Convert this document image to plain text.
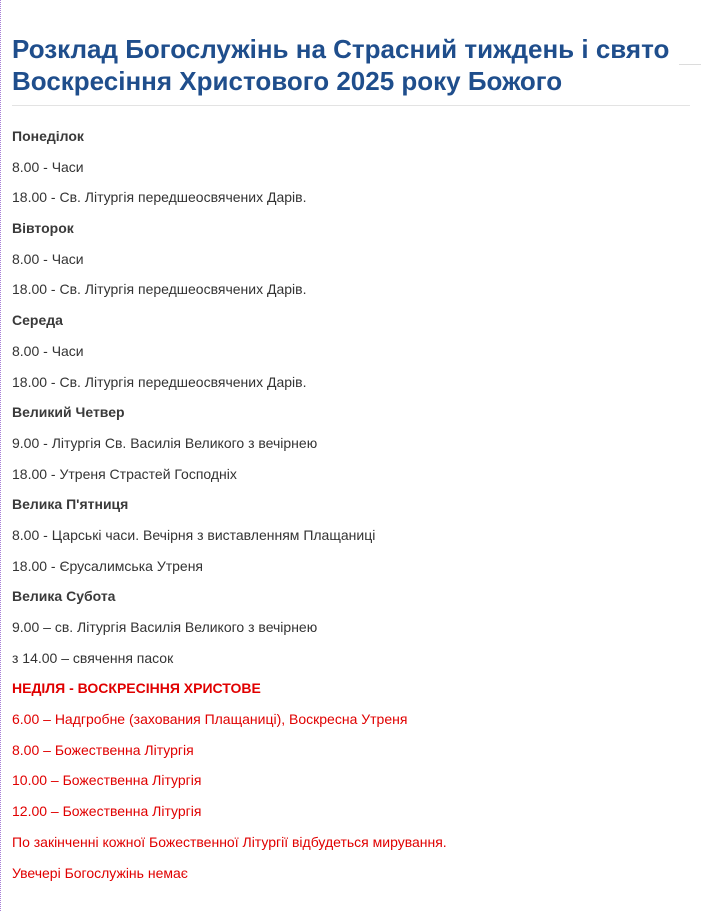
Розклад Богослужінь на Страсний тиждень і свято Воскресіння Христового 2025 року Божого
Понеділок
8.00 - Часи
18.00 - Св. Літургія передшеосвячених Дарів.
Вівторок
8.00 - Часи
18.00 - Св. Літургія передшеосвячених Дарів.
Середа
8.00 - Часи
18.00 - Св. Літургія передшеосвячених Дарів.
Великий Четвер
9.00 - Літургія Св. Василія Великого з вечірнею
18.00 - Утреня Страстей Господніх
Велика П'ятниця
8.00 - Царські часи. Вечірня з виставленням Плащаниці
18.00 - Єрусалимська Утреня
Велика Субота
9.00 – св. Літургія Василія Великого з вечірнею
з 14.00 – свячення пасок
НЕДІЛЯ - ВОСКРЕСІННЯ ХРИСТОВЕ
6.00 – Надгробне (захования Плащаниці), Воскресна Утреня
8.00 – Божественна Літургія
10.00 – Божественна Літургія
12.00 – Божественна Літургія
По закінченні кожної Божественної Літургії відбудеться мирування.
Увечері Богослужінь немає
